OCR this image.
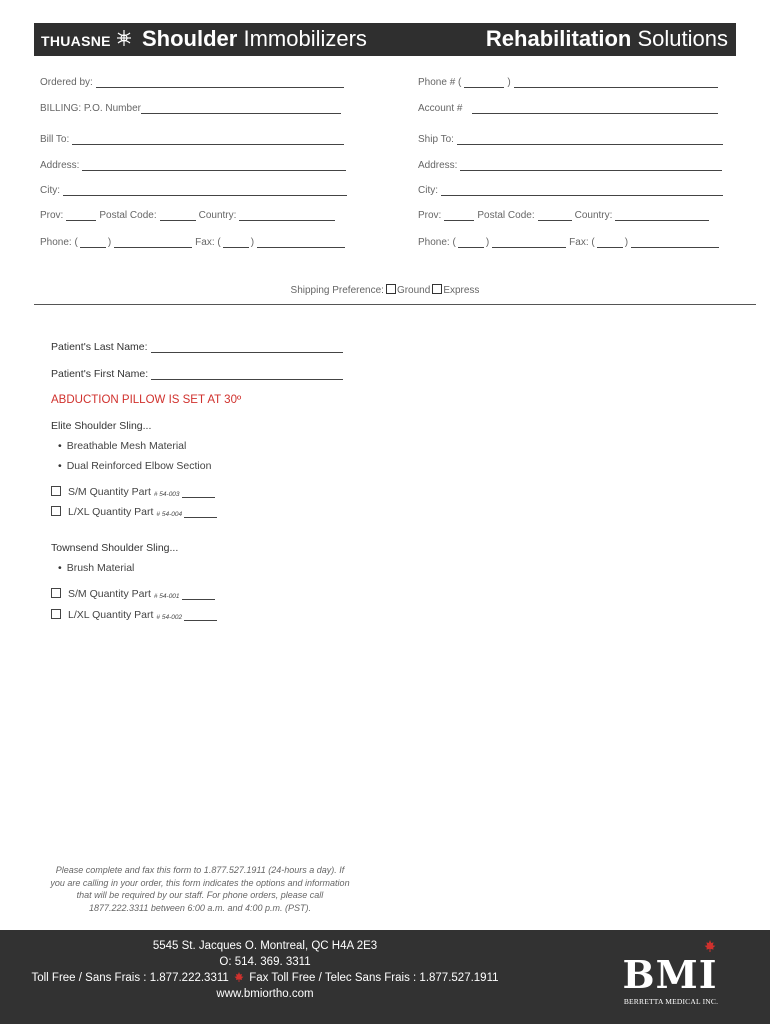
THUASNE Shoulder Immobilizers	Rehabilitation Solutions
Ordered by:
BILLING: P.O. Number
Bill To:
Address:
City:
Prov:	Postal Code:	Country:
Phone: (	)	Fax: (	)
Phone # (	)
Account #
Ship To:
Address:
City:
Prov:	Postal Code:	Country:
Phone: (	)	Fax: (	)
Shipping Preference: Ground Express
Patient's Last Name:
Patient's First Name:
ABDUCTION PILLOW IS SET AT 30º
Elite Shoulder Sling...
• Breathable Mesh Material
• Dual Reinforced Elbow Section
S/M Quantity Part # 54-003
L/XL Quantity Part # 54-004
Townsend Shoulder Sling...
• Brush Material
S/M Quantity Part # 54-001
L/XL Quantity Part # 54-002
Please complete and fax this form to 1.877.527.1911 (24-hours a day). If you are calling in your order, this form indicates the options and information that will be required by our staff. For phone orders, please call 1877.222.3311 between 6:00 a.m. and 4:00 p.m. (PST).
5545 St. Jacques O. Montreal, QC H4A 2E3
O: 514. 369. 3311
Toll Free / Sans Frais : 1.877.222.3311 Fax Toll Free / Telec Sans Frais : 1.877.527.1911
www.bmiortho.com	BMI
BERRETTA MEDICAL INC.
